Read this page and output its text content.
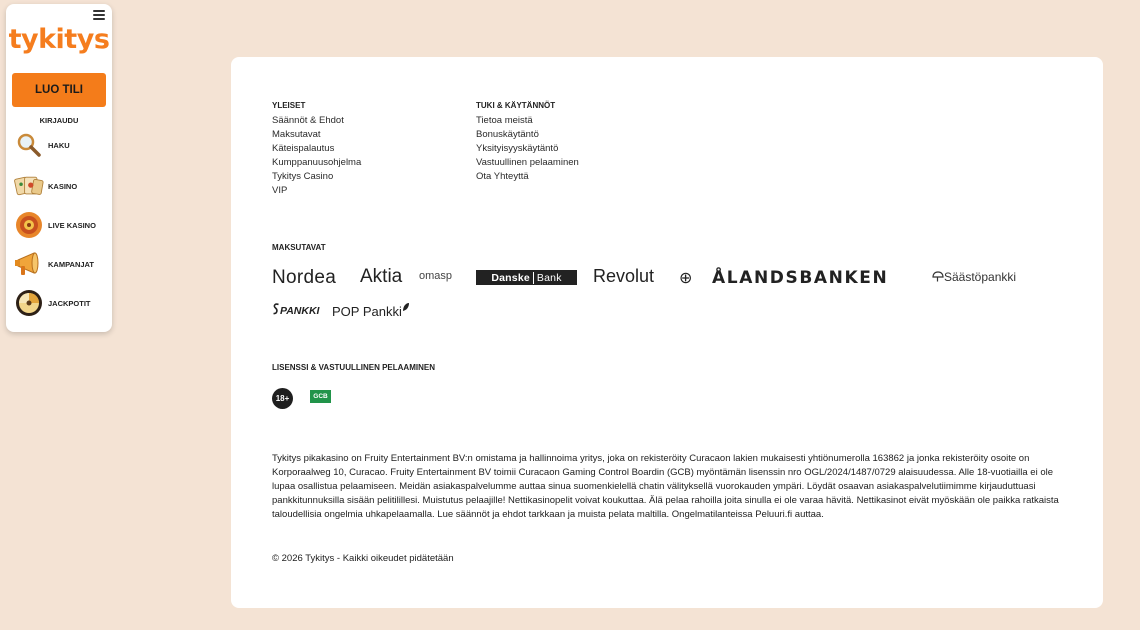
tykitys
LUO TILI
KIRJAUDU
HAKU
KASINO
LIVE KASINO
KAMPANJAT
JACKPOTIT
YLEISET
Säännöt & Ehdot
Maksutavat
Käteispalautus
Kumppanuusohjelma
Tykitys Casino
VIP
TUKI & KÄYTÄNNÖT
Tietoa meistä
Bonuskäytäntö
Yksityisyyskäytäntö
Vastuullinen pelaaminen
Ota Yhteyttä
MAKSUTAVAT
Nordea Aktia omasp	Danske Bank Revolut ⊕ ÅLANDSBANKEN	Säästöpankki
PANKKI POP Pankki
LISENSSI & VASTUULLINEN PELAAMINEN
18+	GCB

Tykitys pikakasino on Fruity Entertainment BV:n omistama ja hallinnoima yritys, joka on rekisteröity Curacaon lakien mukaisesti yhtiönumerolla 163862 ja jonka rekisteröity osoite on Korporaalweg 10, Curacao. Fruity Entertainment BV toimii Curacaon Gaming Control Boardin (GCB) myöntämän lisenssin nro OGL/2024/1487/0729 alaisuudessa. Alle 18-vuotiailla ei ole lupaa osallistua pelaamiseen. Meidän asiakaspalvelumme auttaa sinua suomenkielellä chatin välityksellä vuorokauden ympäri. Löydät osaavan asiakaspalvelutiimimme kirjauduttuasi pankkitunnuksilla sisään pelitilillesi. Muistutus pelaajille! Nettikasinopelit voivat koukuttaa. Älä pelaa rahoilla joita sinulla ei ole varaa hävitä. Nettikasinot eivät myöskään ole paikka ratkaista taloudellisia ongelmia uhkapelaamalla. Lue säännöt ja ehdot tarkkaan ja muista pelata maltilla. Ongelmatilanteissa Peluuri.fi auttaa.

© 2026 Tykitys - Kaikki oikeudet pidätetään
